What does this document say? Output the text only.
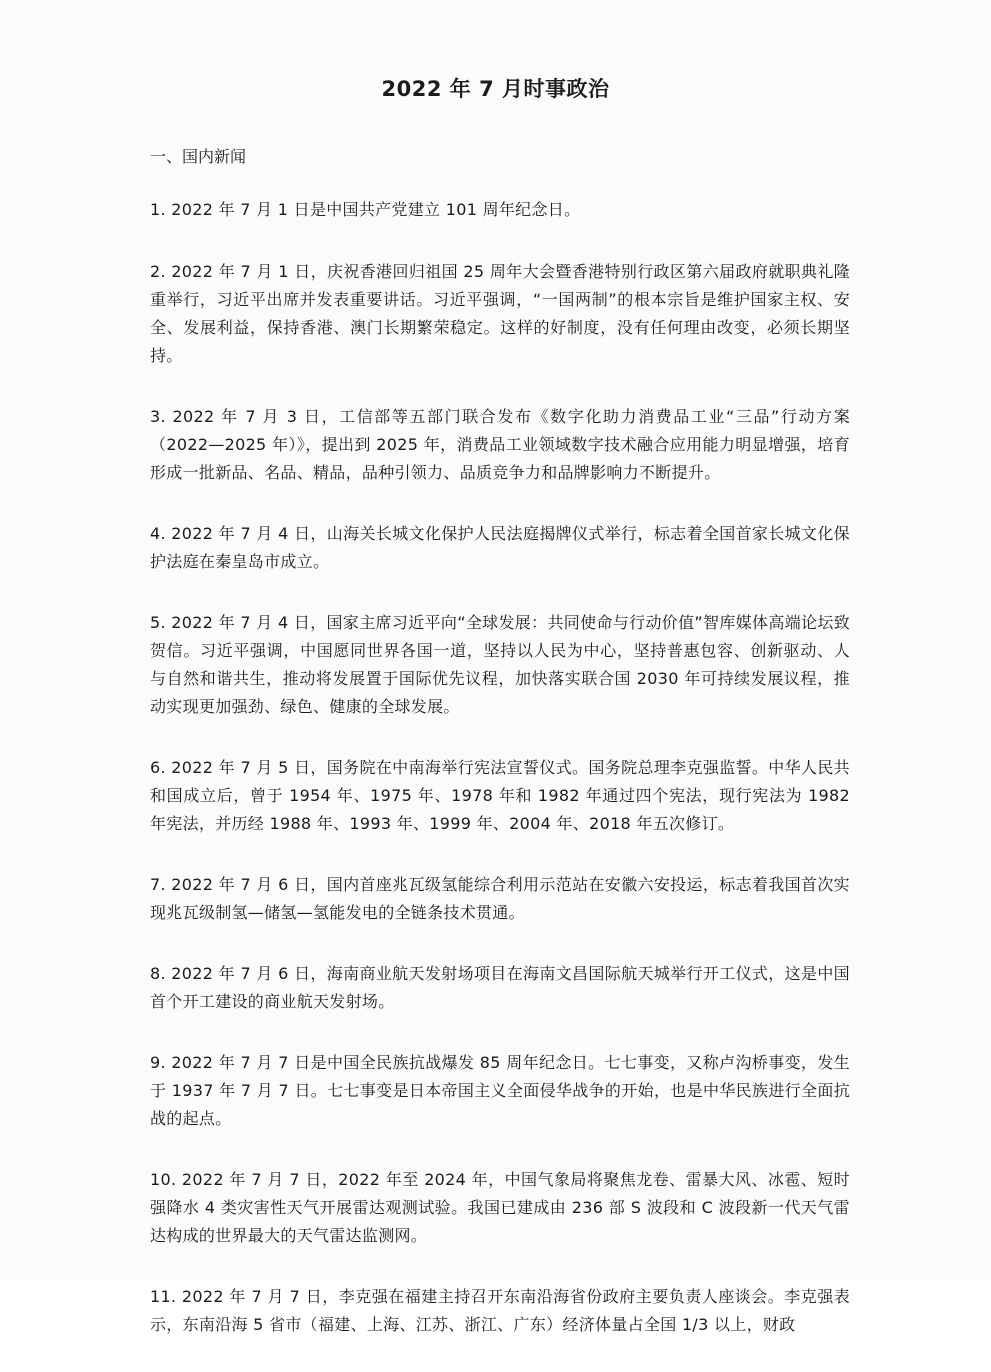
2022 年 7 月时事政治
一、国内新闻

1. 2022 年 7 月 1 日是中国共产党建立 101 周年纪念日。

2. 2022 年 7 月 1 日，庆祝香港回归祖国 25 周年大会暨香港特别行政区第六届政府就职典礼隆重举行，习近平出席并发表重要讲话。习近平强调，“一国两制”的根本宗旨是维护国家主权、安全、发展利益，保持香港、澳门长期繁荣稳定。这样的好制度，没有任何理由改变，必须长期坚持。

3. 2022 年 7 月 3 日，工信部等五部门联合发布《数字化助力消费品工业“三品”行动方案（2022—2025 年）》，提出到 2025 年，消费品工业领域数字技术融合应用能力明显增强，培育形成一批新品、名品、精品，品种引领力、品质竞争力和品牌影响力不断提升。

4. 2022 年 7 月 4 日，山海关长城文化保护人民法庭揭牌仪式举行，标志着全国首家长城文化保护法庭在秦皇岛市成立。

5. 2022 年 7 月 4 日，国家主席习近平向“全球发展：共同使命与行动价值”智库媒体高端论坛致贺信。习近平强调，中国愿同世界各国一道，坚持以人民为中心，坚持普惠包容、创新驱动、人与自然和谐共生，推动将发展置于国际优先议程，加快落实联合国 2030 年可持续发展议程，推动实现更加强劲、绿色、健康的全球发展。

6. 2022 年 7 月 5 日，国务院在中南海举行宪法宣誓仪式。国务院总理李克强监誓。中华人民共和国成立后，曾于 1954 年、1975 年、1978 年和 1982 年通过四个宪法，现行宪法为 1982 年宪法，并历经 1988 年、1993 年、1999 年、2004 年、2018 年五次修订。

7. 2022 年 7 月 6 日，国内首座兆瓦级氢能综合利用示范站在安徽六安投运，标志着我国首次实现兆瓦级制氢—储氢—氢能发电的全链条技术贯通。

8. 2022 年 7 月 6 日，海南商业航天发射场项目在海南文昌国际航天城举行开工仪式，这是中国首个开工建设的商业航天发射场。

9. 2022 年 7 月 7 日是中国全民族抗战爆发 85 周年纪念日。七七事变，又称卢沟桥事变，发生于 1937 年 7 月 7 日。七七事变是日本帝国主义全面侵华战争的开始，也是中华民族进行全面抗战的起点。

10. 2022 年 7 月 7 日，2022 年至 2024 年，中国气象局将聚焦龙卷、雷暴大风、冰雹、短时强降水 4 类灾害性天气开展雷达观测试验。我国已建成由 236 部 S 波段和 C 波段新一代天气雷达构成的世界最大的天气雷达监测网。

11. 2022 年 7 月 7 日，李克强在福建主持召开东南沿海省份政府主要负责人座谈会。李克强表示，东南沿海 5 省市（福建、上海、江苏、浙江、广东）经济体量占全国 1/3 以上，财政
